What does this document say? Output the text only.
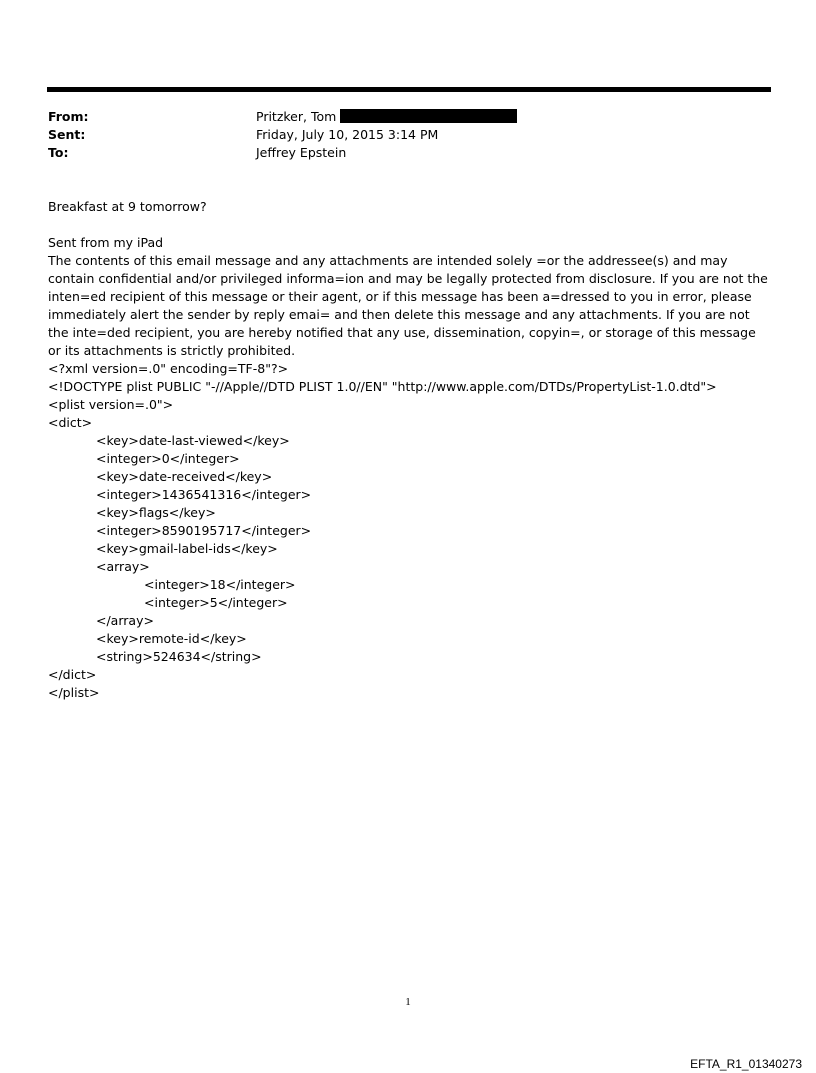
From:	Pritzker, Tom
Sent:	Friday, July 10, 2015 3:14 PM
To:	Jeffrey Epstein
Breakfast at 9 tomorrow?
Sent from my iPad
The contents of this email message and any attachments are intended solely =or the addressee(s) and may contain confidential and/or privileged informa=ion and may be legally protected from disclosure. If you are not the inten=ed recipient of this message or their agent, or if this message has been a=dressed to you in error, please immediately alert the sender by reply emai= and then delete this message and any attachments. If you are not the inte=ded recipient, you are hereby notified that any use, dissemination, copyin=, or storage of this message or its attachments is strictly prohibited.
<?xml version=.0" encoding=TF-8"?>
<!DOCTYPE plist PUBLIC "-//Apple//DTD PLIST 1.0//EN" "http://www.apple.com/DTDs/PropertyList-1.0.dtd">
<plist version=.0">
<dict>
<key>date-last-viewed</key>
<integer>0</integer>
<key>date-received</key>
<integer>1436541316</integer>
<key>flags</key>
<integer>8590195717</integer>
<key>gmail-label-ids</key>
<array>
<integer>18</integer>
<integer>5</integer>
</array>
<key>remote-id</key>
<string>524634</string>
</dict>
</plist>
1
EFTA_R1_01340273
